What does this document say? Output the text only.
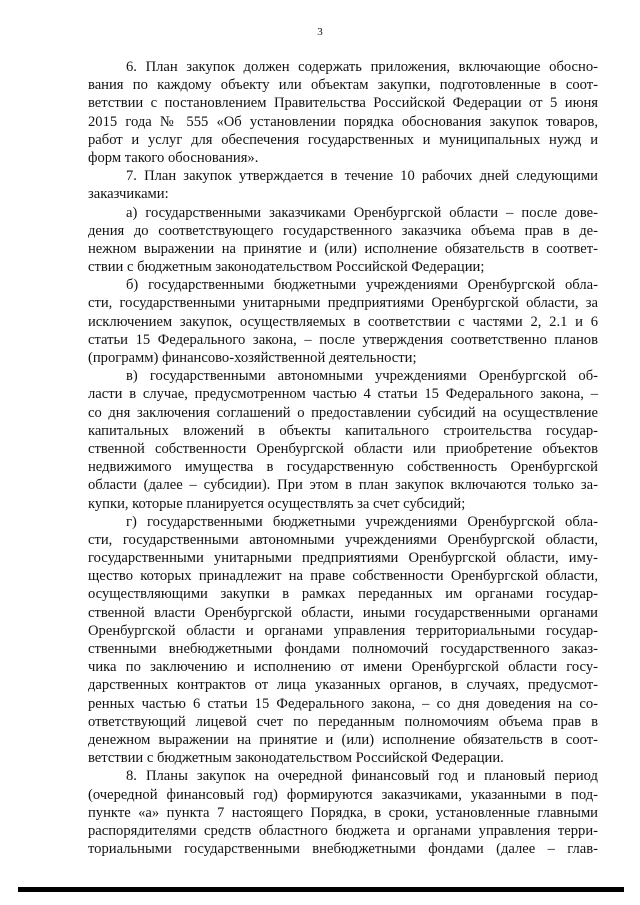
3
6. План закупок должен содержать приложения, включающие обосно-
вания по каждому объекту или объектам закупки, подготовленные в соот-
ветствии с постановлением Правительства Российской Федерации от 5 июня
2015 года № 555 «Об установлении порядка обоснования закупок товаров,
работ и услуг для обеспечения государственных и муниципальных нужд и
форм такого обоснования».
7. План закупок утверждается в течение 10 рабочих дней следующими
заказчиками:
а) государственными заказчиками Оренбургской области – после дове-
дения до соответствующего государственного заказчика объема прав в де-
нежном выражении на принятие и (или) исполнение обязательств в соответ-
ствии с бюджетным законодательством Российской Федерации;
б) государственными бюджетными учреждениями Оренбургской обла-
сти, государственными унитарными предприятиями Оренбургской области, за
исключением закупок, осуществляемых в соответствии с частями 2, 2.1 и 6
статьи 15 Федерального закона, – после утверждения соответственно планов
(программ) финансово-хозяйственной деятельности;
в) государственными автономными учреждениями Оренбургской об-
ласти в случае, предусмотренном частью 4 статьи 15 Федерального закона, –
со дня заключения соглашений о предоставлении субсидий на осуществление
капитальных вложений в объекты капитального строительства государ-
ственной собственности Оренбургской области или приобретение объектов
недвижимого имущества в государственную собственность Оренбургской
области (далее – субсидии). При этом в план закупок включаются только за-
купки, которые планируется осуществлять за счет субсидий;
г) государственными бюджетными учреждениями Оренбургской обла-
сти, государственными автономными учреждениями Оренбургской области,
государственными унитарными предприятиями Оренбургской области, иму-
щество которых принадлежит на праве собственности Оренбургской области,
осуществляющими закупки в рамках переданных им органами государ-
ственной власти Оренбургской области, иными государственными органами
Оренбургской области и органами управления территориальными государ-
ственными внебюджетными фондами полномочий государственного заказ-
чика по заключению и исполнению от имени Оренбургской области госу-
дарственных контрактов от лица указанных органов, в случаях, предусмот-
ренных частью 6 статьи 15 Федерального закона, – со дня доведения на со-
ответствующий лицевой счет по переданным полномочиям объема прав в
денежном выражении на принятие и (или) исполнение обязательств в соот-
ветствии с бюджетным законодательством Российской Федерации.
8. Планы закупок на очередной финансовый год и плановый период
(очередной финансовый год) формируются заказчиками, указанными в под-
пункте «а» пункта 7 настоящего Порядка, в сроки, установленные главными
распорядителями средств областного бюджета и органами управления терри-
ториальными государственными внебюджетными фондами (далее – глав-
